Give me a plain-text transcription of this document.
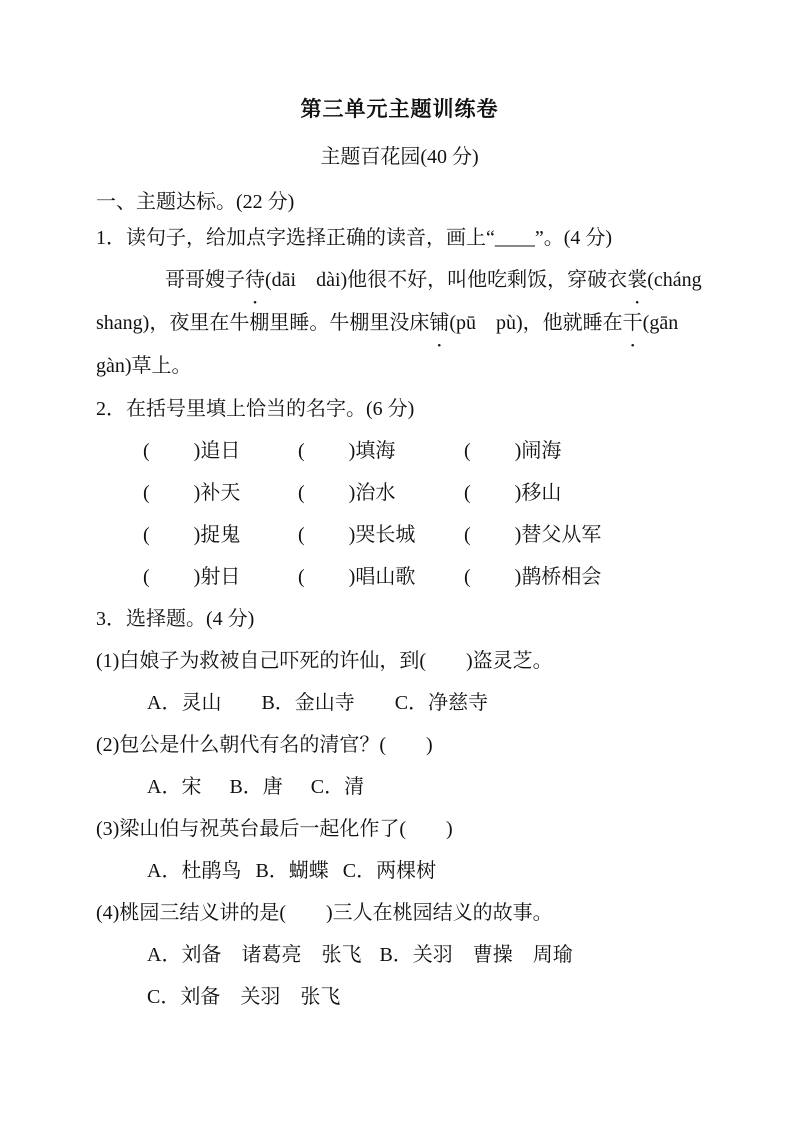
第三单元主题训练卷
主题百花园(40 分)
一、主题达标。(22 分)
1．读句子，给加点字选择正确的读音，画上“____”。(4 分)
哥哥嫂子待(dāi　dài)他很不好，叫他吃剩饭，穿破衣裳(cháng
shang)，夜里在牛棚里睡。牛棚里没床铺(pū　pù)，他就睡在干(gān
gàn)草上。
2．在括号里填上恰当的名字。(6 分)
( )追日	( )填海	( )闹海
( )补天	( )治水	( )移山
( )捉鬼	( )哭长城	( )替父从军
( )射日	( )唱山歌	( )鹊桥相会
3．选择题。(4 分)
(1)白娘子为救被自己吓死的许仙，到(　　)盗灵芝。
A．灵山 B．金山寺 C．净慈寺
(2)包公是什么朝代有名的清官？(　　)
A．宋 B．唐 C．清
(3)梁山伯与祝英台最后一起化作了(　　)
A．杜鹃鸟 B．蝴蝶 C．两棵树
(4)桃园三结义讲的是(　　)三人在桃园结义的故事。
A．刘备　诸葛亮　张飞 B．关羽　曹操　周瑜
C．刘备　关羽　张飞
